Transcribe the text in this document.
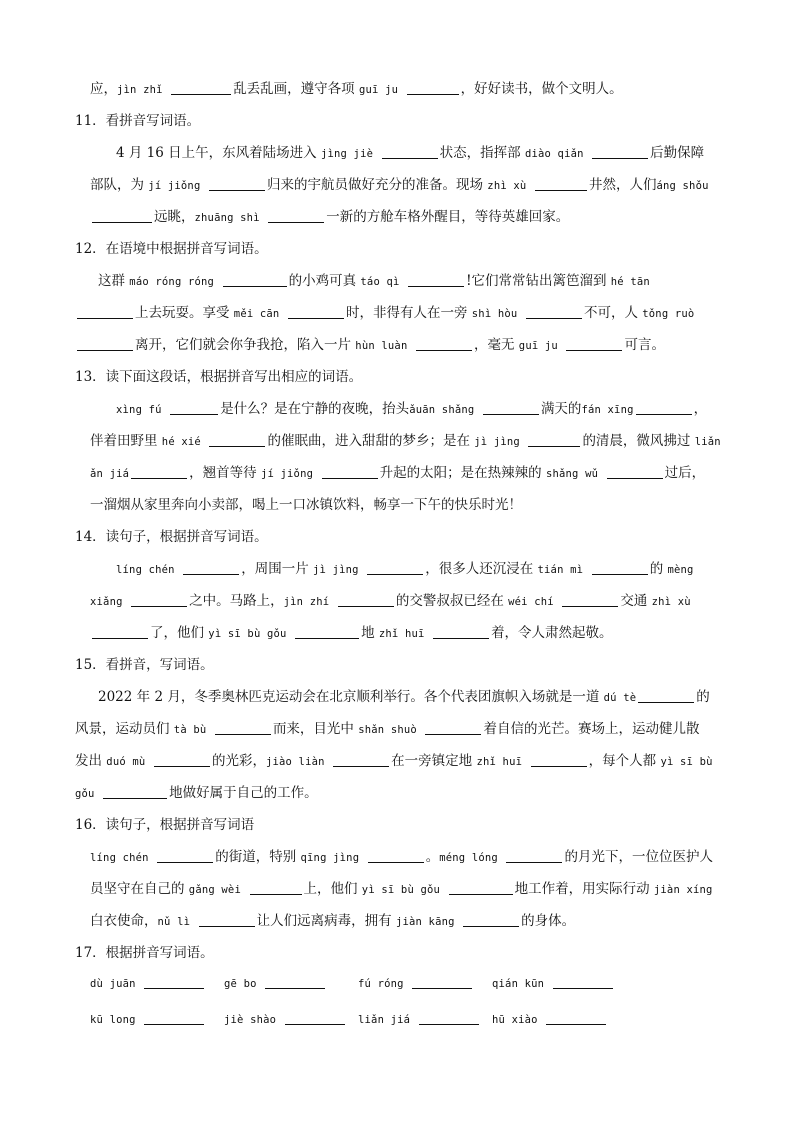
应，jìn zhǐ	乱丢乱画，遵守各项 guī ju	，好好读书，做个文明人。
11．看拼音写词语。
4 月 16 日上午，东风着陆场进入 jìng jiè	状态，指挥部 diào qiǎn	后勤保障
部队，为 jí jiǒng	归来的宇航员做好充分的准备。现场 zhì xù	井然，人们áng shǒu
远眺，zhuāng shì	一新的方舱车格外醒目，等待英雄回家。
12．在语境中根据拼音写词语。
这群 máo róng róng	的小鸡可真 táo qì	!它们常常钻出篱笆溜到 hé tān
上去玩耍。享受 měi cān	时，非得有人在一旁 shì hòu	不可，人 tǒng ruò
离开，它们就会你争我抢，陷入一片 hùn luàn	，毫无 guī ju	可言。
13．读下面这段话，根据拼音写出相应的词语。
xìng fú	是什么？是在宁静的夜晚，抬头ǎuān shǎng	满天的fán xīng	，
伴着田野里 hé xié	的催眠曲，进入甜甜的梦乡；是在 jì jìng	的清晨，微风拂过 liǎn
ǎn jiá	，翘首等待 jí jiǒng	升起的太阳；是在热辣辣的 shǎng wǔ	过后，
一溜烟从家里奔向小卖部，喝上一口冰镇饮料，畅享一下午的快乐时光！
14．读句子，根据拼音写词语。
líng chén	，周围一片 jì jìng	，很多人还沉浸在 tián mì	的 mèng
xiǎng	之中。马路上，jìn zhí	的交警叔叔已经在 wéi chí	交通 zhì xù
了，他们 yì sī bù gǒu	地 zhǐ huī	着，令人肃然起敬。
15．看拼音，写词语。
2022 年 2 月，冬季奥林匹克运动会在北京顺利举行。各个代表团旗帜入场就是一道 dú tè	的
风景，运动员们 tà bù	而来，目光中 shǎn shuò	着自信的光芒。赛场上，运动健儿散
发出 duó mù	的光彩，jiào liàn	在一旁镇定地 zhǐ huī	，每个人都 yì sī bù
gǒu	地做好属于自己的工作。
16．读句子，根据拼音写词语
líng chén	的街道，特别 qīng jìng	。méng lóng	的月光下，一位位医护人
员坚守在自己的 gǎng wèi	上，他们 yì sī bù gǒu	地工作着，用实际行动 jiàn xíng
白衣使命，nǔ lì	让人们远离病毒，拥有 jiàn kāng	的身体。
17．根据拼音写词语。
dù juān	gē bo	fú róng	qián kūn
kū long	jiè shào	liǎn jiá	hū xiào
